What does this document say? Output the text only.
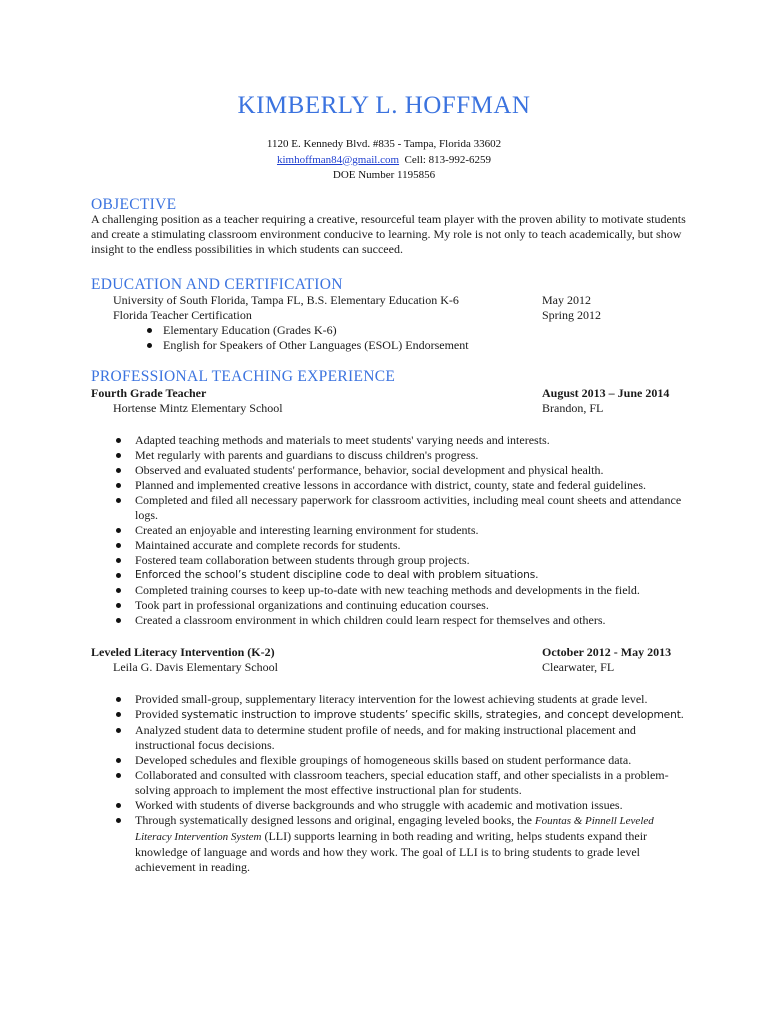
KIMBERLY L. HOFFMAN
1120 E. Kennedy Blvd. #835 - Tampa, Florida 33602
kimhoffman84@gmail.com Cell: 813-992-6259
DOE Number 1195856
OBJECTIVE
A challenging position as a teacher requiring a creative, resourceful team player with the proven ability to motivate students and create a stimulating classroom environment conducive to learning. My role is not only to teach academically, but show insight to the endless possibilities in which students can succeed.
EDUCATION AND CERTIFICATION
University of South Florida, Tampa FL, B.S. Elementary Education K-6	May 2012
Florida Teacher Certification	Spring 2012
Elementary Education (Grades K-6)
English for Speakers of Other Languages (ESOL) Endorsement
PROFESSIONAL TEACHING EXPERIENCE
Fourth Grade Teacher	August 2013 – June 2014
Hortense Mintz Elementary School	Brandon, FL
Adapted teaching methods and materials to meet students' varying needs and interests.
Met regularly with parents and guardians to discuss children's progress.
Observed and evaluated students' performance, behavior, social development and physical health.
Planned and implemented creative lessons in accordance with district, county, state and federal guidelines.
Completed and filed all necessary paperwork for classroom activities, including meal count sheets and attendance logs.
Created an enjoyable and interesting learning environment for students.
Maintained accurate and complete records for students.
Fostered team collaboration between students through group projects.
Enforced the school’s student discipline code to deal with problem situations.
Completed training courses to keep up-to-date with new teaching methods and developments in the field.
Took part in professional organizations and continuing education courses.
Created a classroom environment in which children could learn respect for themselves and others.
Leveled Literacy Intervention (K-2)	October 2012 - May 2013
Leila G. Davis Elementary School	Clearwater, FL
Provided small-group, supplementary literacy intervention for the lowest achieving students at grade level.
Provided systematic instruction to improve students’ specific skills, strategies, and concept development.
Analyzed student data to determine student profile of needs, and for making instructional placement and instructional focus decisions.
Developed schedules and flexible groupings of homogeneous skills based on student performance data.
Collaborated and consulted with classroom teachers, special education staff, and other specialists in a problem-solving approach to implement the most effective instructional plan for students.
Worked with students of diverse backgrounds and who struggle with academic and motivation issues.
Through systematically designed lessons and original, engaging leveled books, the Fountas & Pinnell Leveled Literacy Intervention System (LLI) supports learning in both reading and writing, helps students expand their knowledge of language and words and how they work. The goal of LLI is to bring students to grade level achievement in reading.
